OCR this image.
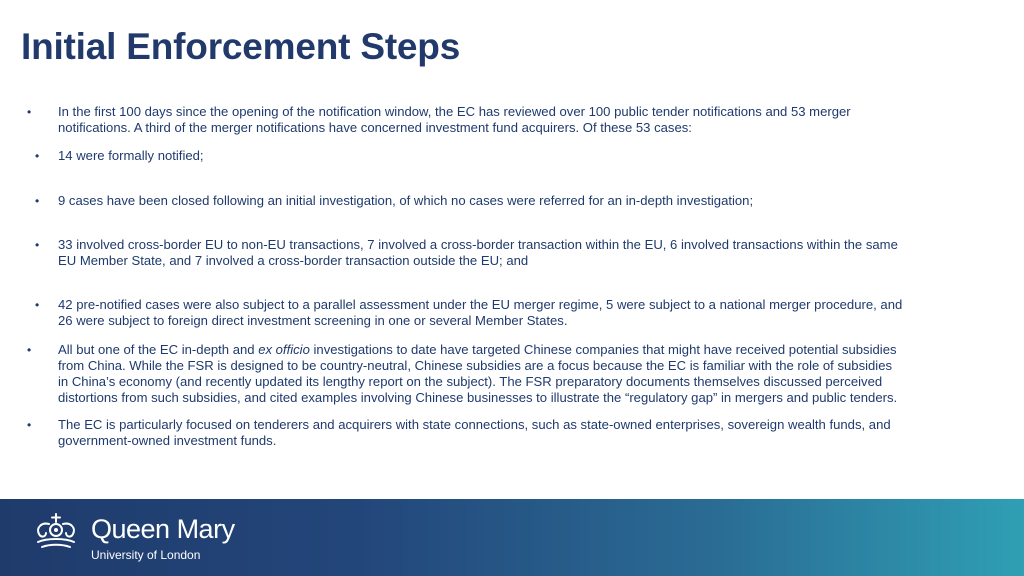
Initial Enforcement Steps
• In the first 100 days since the opening of the notification window, the EC has reviewed over 100 public tender notifications and 53 merger
notifications. A third of the merger notifications have concerned investment fund acquirers. Of these 53 cases:

• 14 were formally notified;

• 9 cases have been closed following an initial investigation, of which no cases were referred for an in-depth investigation;

• 33 involved cross-border EU to non-EU transactions, 7 involved a cross-border transaction within the EU, 6 involved transactions within the same
EU Member State, and 7 involved a cross-border transaction outside the EU; and

• 42 pre-notified cases were also subject to a parallel assessment under the EU merger regime, 5 were subject to a national merger procedure, and
26 were subject to foreign direct investment screening in one or several Member States.

• All but one of the EC in-depth and ex officio investigations to date have targeted Chinese companies that might have received potential subsidies
from China. While the FSR is designed to be country-neutral, Chinese subsidies are a focus because the EC is familiar with the role of subsidies
in China’s economy (and recently updated its lengthy report on the subject). The FSR preparatory documents themselves discussed perceived
distortions from such subsidies, and cited examples involving Chinese businesses to illustrate the “regulatory gap” in mergers and public tenders.

• The EC is particularly focused on tenderers and acquirers with state connections, such as state-owned enterprises, sovereign wealth funds, and
government-owned investment funds.

Queen Mary

University of London
